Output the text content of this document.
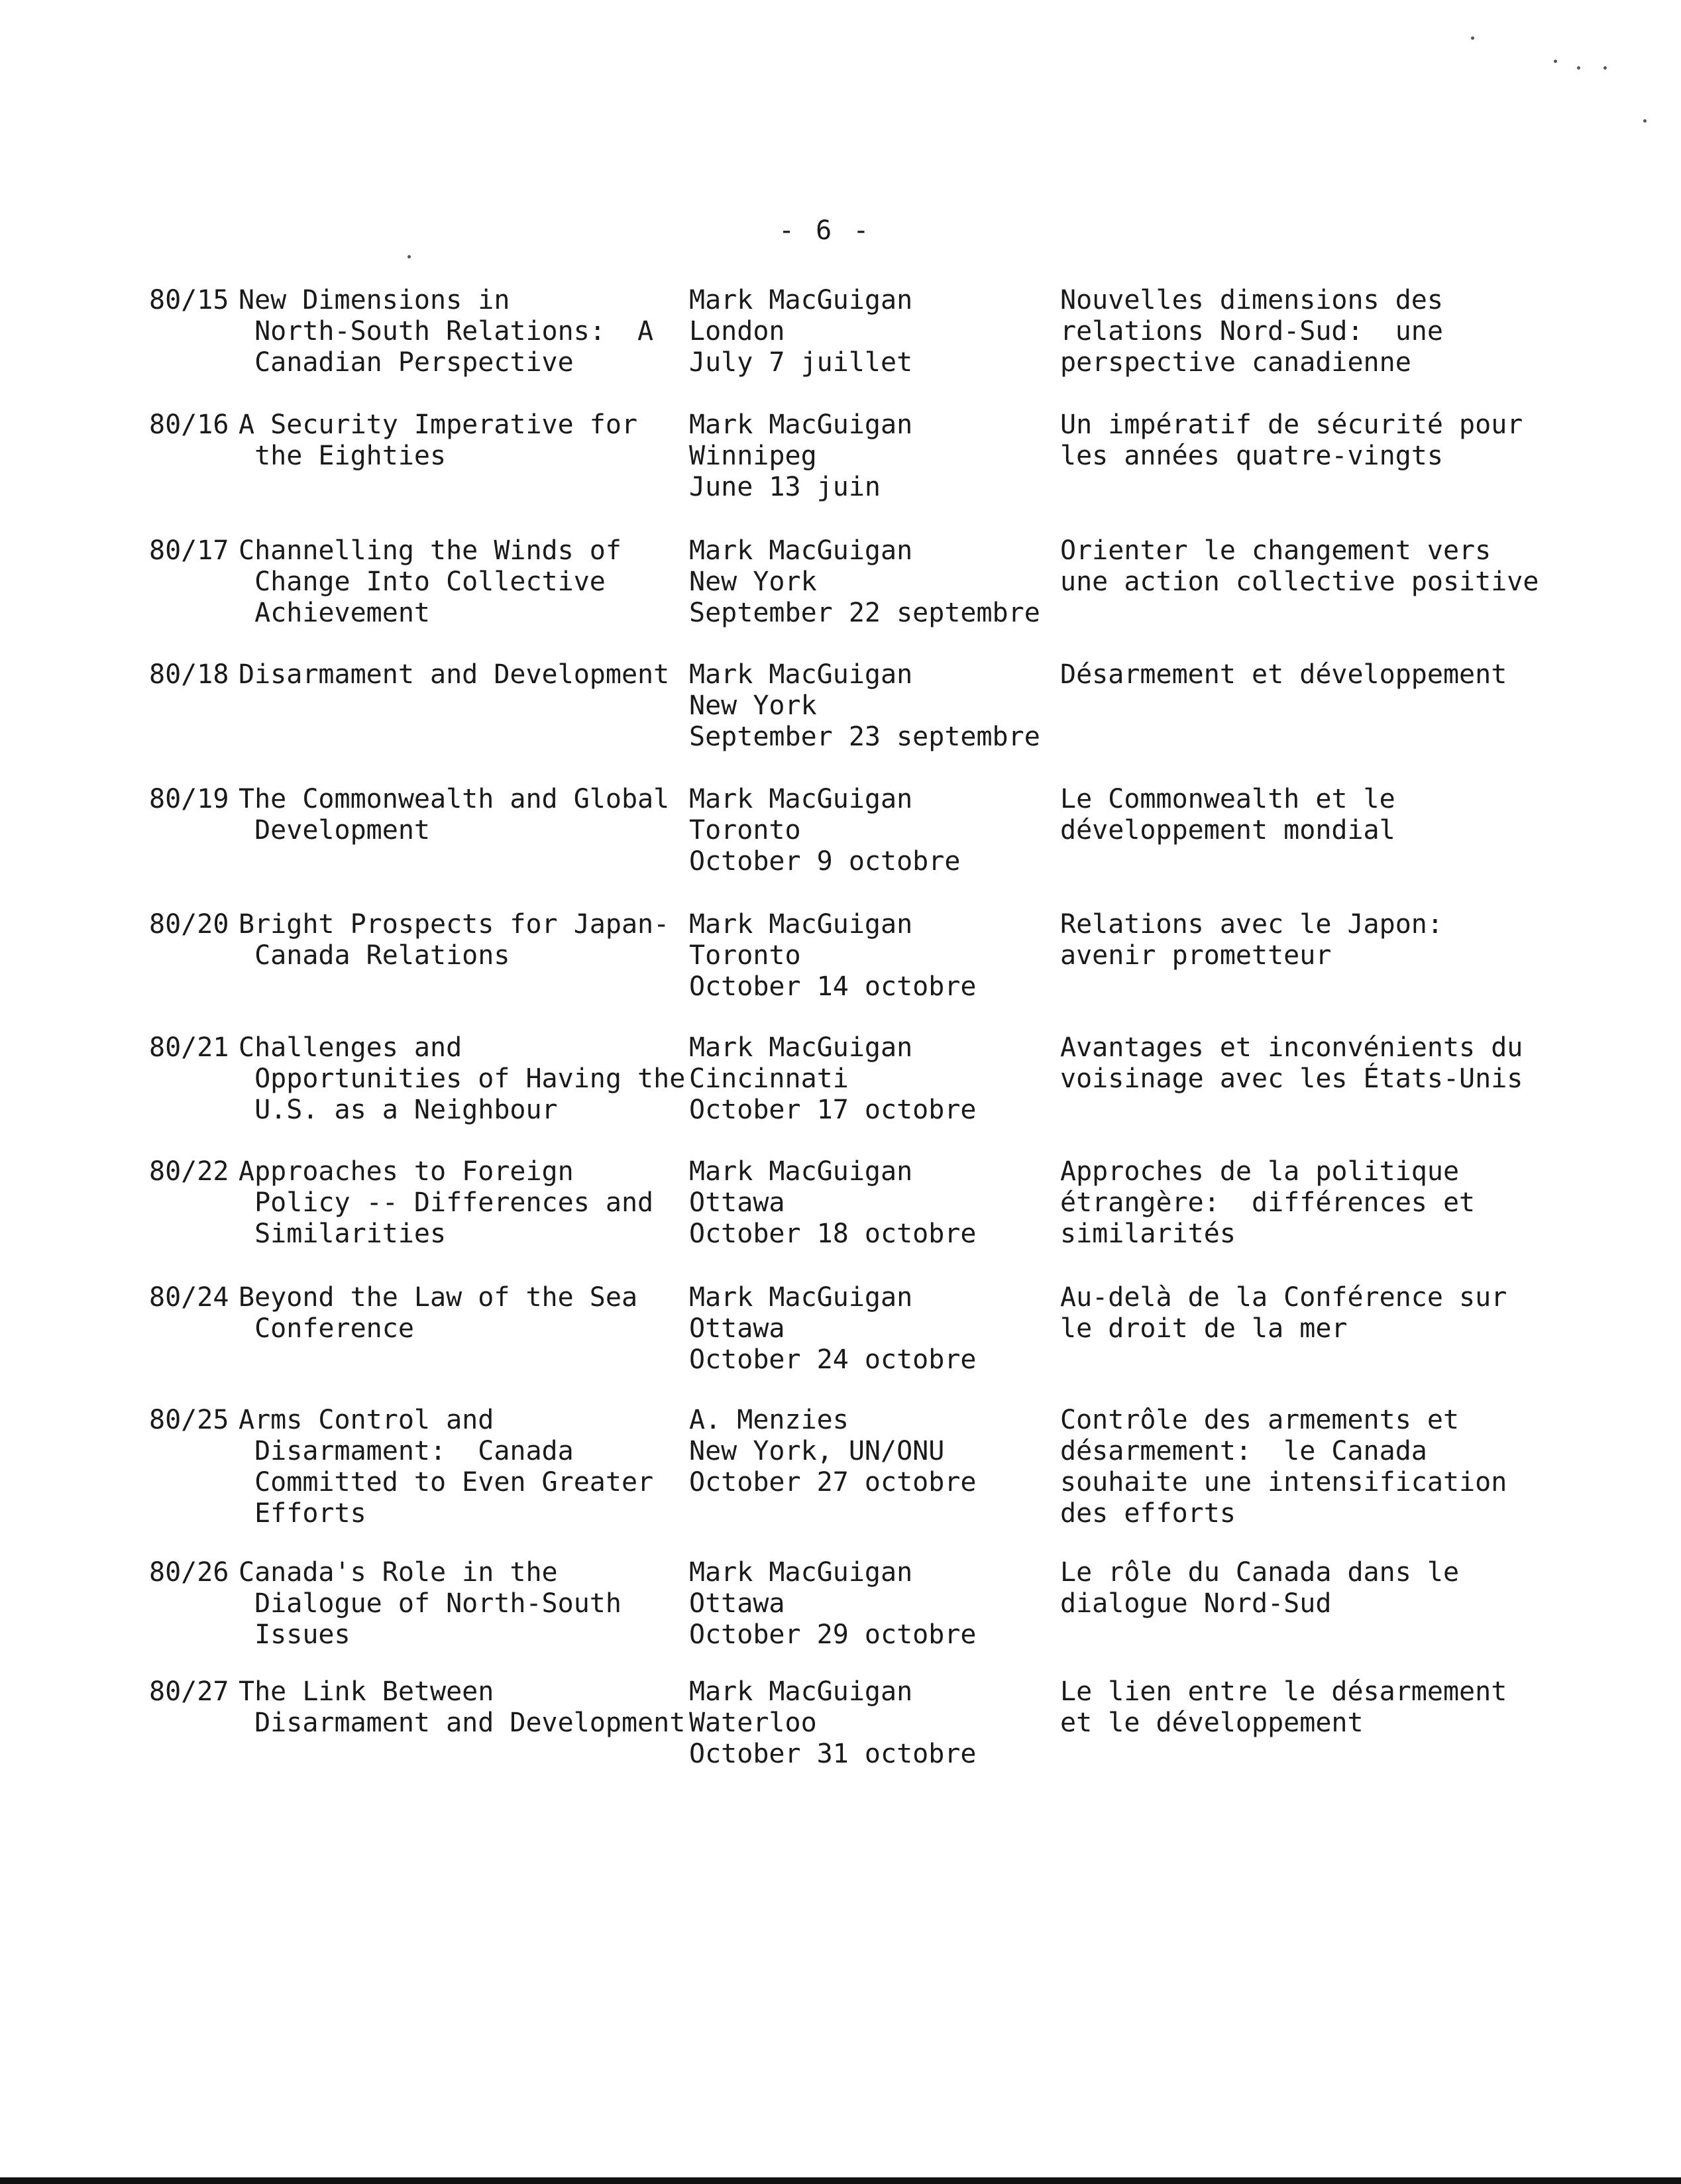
- 6 -
80/15 New Dimensions in
North-South Relations:  A
Canadian Perspective
Mark MacGuigan
London
July 7 juillet
Nouvelles dimensions des
relations Nord-Sud:  une
perspective canadienne
80/16 A Security Imperative for
the Eighties
Mark MacGuigan
Winnipeg
June 13 juin
Un impératif de sécurité pour
les années quatre-vingts
80/17 Channelling the Winds of
Change Into Collective
Achievement
Mark MacGuigan
New York
September 22 septembre
Orienter le changement vers
une action collective positive
80/18 Disarmament and Development Mark MacGuigan
New York
September 23 septembre
Désarmement et développement
80/19 The Commonwealth and Global
Development
Mark MacGuigan
Toronto
October 9 octobre
Le Commonwealth et le
développement mondial
80/20 Bright Prospects for Japan-
Canada Relations
Mark MacGuigan
Toronto
October 14 octobre
Relations avec le Japon:
avenir prometteur
80/21 Challenges and
Opportunities of Having the
U.S. as a Neighbour
Mark MacGuigan
Cincinnati
October 17 octobre
Avantages et inconvénients du
voisinage avec les États-Unis
80/22 Approaches to Foreign
Policy -- Differences and
Similarities
Mark MacGuigan
Ottawa
October 18 octobre
Approches de la politique
étrangère:  différences et
similarités
80/24 Beyond the Law of the Sea
Conference
Mark MacGuigan
Ottawa
October 24 octobre
Au-delà de la Conférence sur
le droit de la mer
80/25 Arms Control and
Disarmament:  Canada
Committed to Even Greater
Efforts
A. Menzies
New York, UN/ONU
October 27 octobre
Contrôle des armements et
désarmement:  le Canada
souhaite une intensification
des efforts
80/26 Canada's Role in the
Dialogue of North-South
Issues
Mark MacGuigan
Ottawa
October 29 octobre
Le rôle du Canada dans le
dialogue Nord-Sud
80/27 The Link Between
Disarmament and Development
Mark MacGuigan
Waterloo
October 31 octobre
Le lien entre le désarmement
et le développement
